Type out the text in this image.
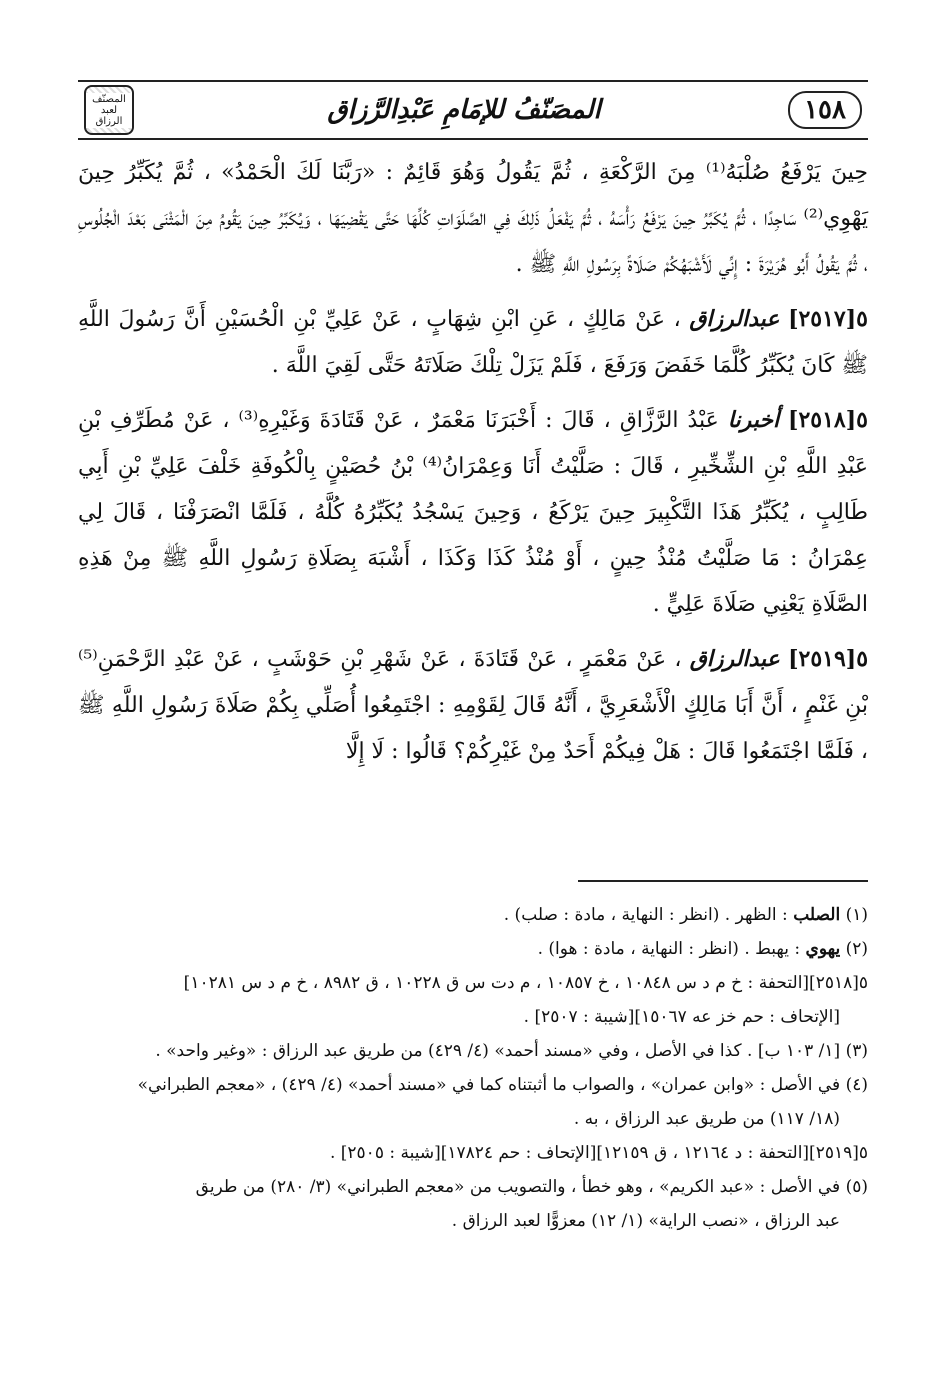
١٥٨
المصَنّفُ للإمَامِ عَبْدِالرَّزاق
المصنّف لعبد الرزاق

حِينَ يَرْفَعُ صُلْبَهُ⁽¹⁾ مِنَ الرَّكْعَةِ ، ثُمَّ يَقُولُ وَهُوَ قَائِمٌ : «رَبَّنَا لَكَ الْحَمْدُ» ، ثُمَّ يُكَبِّرُ حِينَ يَهْوِي⁽²⁾ سَاجِدًا ، ثُمَّ يُكَبِّرُ حِينَ يَرْفَعُ رَأْسَهُ ، ثُمَّ يَفْعَلُ ذَلِكَ فِي الصَّلَوَاتِ كُلِّهَا حَتَّى يَقْضِيَهَا ، وَيُكَبِّرُ حِينَ يَقُومُ مِنَ الْمَثْنَى بَعْدَ الْجُلُوسِ ، ثُمَّ يَقُولُ أَبُو هُرَيْرَةَ : إِنِّي لَأَشْبَهُكُمْ صَلَاةً بِرَسُولِ اللَّهِ ﷺ .

٥[٢٥١٧] عبدالرزاق ، عَنْ مَالِكٍ ، عَنِ ابْنِ شِهَابٍ ، عَنْ عَلِيِّ بْنِ الْحُسَيْنِ أَنَّ رَسُولَ اللَّهِ ﷺ كَانَ يُكَبِّرُ كُلَّمَا خَفَضَ وَرَفَعَ ، فَلَمْ يَزَلْ تِلْكَ صَلَاتَهُ حَتَّى لَقِيَ اللَّهَ .

٥[٢٥١٨] أخبرنا عَبْدُ الرَّزَّاقِ ، قَالَ : أَخْبَرَنَا مَعْمَرٌ ، عَنْ قَتَادَةَ وَغَيْرِهِ⁽³⁾ ، عَنْ مُطَرِّفِ بْنِ عَبْدِ اللَّهِ بْنِ الشِّخِّيرِ ، قَالَ : صَلَّيْتُ أَنَا وَعِمْرَانُ⁽⁴⁾ بْنُ حُصَيْنٍ بِالْكُوفَةِ خَلْفَ عَلِيِّ بْنِ أَبِي طَالِبٍ ، يُكَبِّرُ هَذَا التَّكْبِيرَ حِينَ يَرْكَعُ ، وَحِينَ يَسْجُدُ يُكَبِّرُهُ كُلَّهُ ، فَلَمَّا انْصَرَفْنَا ، قَالَ لِي عِمْرَانُ : مَا صَلَّيْتُ مُنْذُ حِينٍ ، أَوْ مُنْذُ كَذَا وَكَذَا ، أَشْبَهَ بِصَلَاةِ رَسُولِ اللَّهِ ﷺ مِنْ هَذِهِ الصَّلَاةِ يَعْنِي صَلَاةَ عَلِيٍّ .

٥[٢٥١٩] عبدالرزاق ، عَنْ مَعْمَرٍ ، عَنْ قَتَادَةَ ، عَنْ شَهْرِ بْنِ حَوْشَبٍ ، عَنْ عَبْدِ الرَّحْمَنِ⁽⁵⁾ بْنِ غَنْمٍ ، أَنَّ أَبَا مَالِكٍ الْأَشْعَرِيَّ ، أَنَّهُ قَالَ لِقَوْمِهِ : اجْتَمِعُوا أُصَلِّي بِكُمْ صَلَاةَ رَسُولِ اللَّهِ ﷺ ، فَلَمَّا اجْتَمَعُوا قَالَ : هَلْ فِيكُمْ أَحَدٌ مِنْ غَيْرِكُمْ؟ قَالُوا : لَا إِلَّا

(١) الصلب : الظهر . (انظر : النهاية ، مادة : صلب) .

(٢) يهوي : يهبط . (انظر : النهاية ، مادة : هوا) .

٥[٢٥١٨][التحفة : خ م د س ١٠٨٤٨ ، خ ١٠٨٥٧ ، م دت س ق ١٠٢٢٨ ، ق ٨٩٨٢ ، خ م د س ١٠٢٨١]

[الإتحاف : حم خز عه ١٥٠٦٧][شيبة : ٢٥٠٧] .

(٣) [١/ ١٠٣ ب] . كذا في الأصل ، وفي «مسند أحمد» (٤/ ٤٢٩) من طريق عبد الرزاق : «وغير واحد» .

(٤) في الأصل : «وابن عمران» ، والصواب ما أثبتناه كما في «مسند أحمد» (٤/ ٤٢٩) ، «معجم الطبراني»

(١٨/ ١١٧) من طريق عبد الرزاق ، به .

٥[٢٥١٩][التحفة : د ١٢١٦٤ ، ق ١٢١٥٩][الإتحاف : حم ١٧٨٢٤][شيبة : ٢٥٠٥] .

(٥) في الأصل : «عبد الكريم» ، وهو خطأ ، والتصويب من «معجم الطبراني» (٣/ ٢٨٠) من طريق

عبد الرزاق ، «نصب الراية» (١/ ١٢) معزوًّا لعبد الرزاق .
